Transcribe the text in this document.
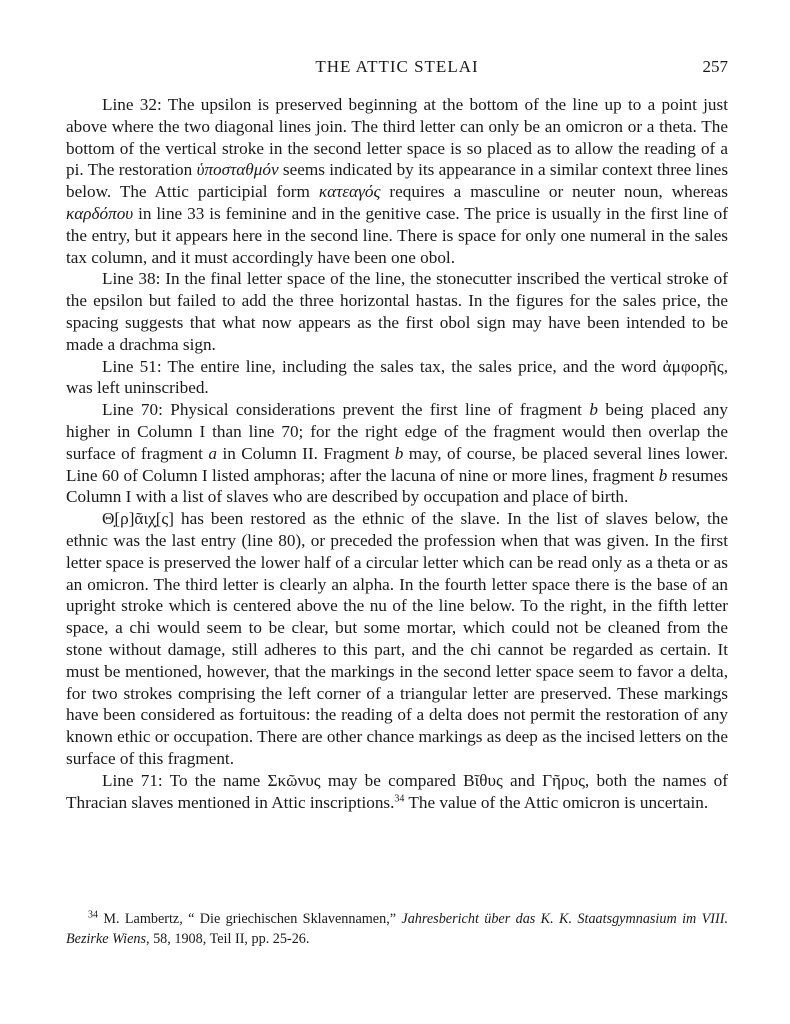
THE ATTIC STELAI	257

Line 32: The upsilon is preserved beginning at the bottom of the line up to a point just above where the two diagonal lines join. The third letter can only be an omicron or a theta. The bottom of the vertical stroke in the second letter space is so placed as to allow the reading of a pi. The restoration ὑποσταθμόν seems indicated by its appearance in a similar context three lines below. The Attic participial form κατεαγός requires a masculine or neuter noun, whereas καρδόπου in line 33 is feminine and in the genitive case. The price is usually in the first line of the entry, but it appears here in the second line. There is space for only one numeral in the sales tax column, and it must accordingly have been one obol.

Line 38: In the final letter space of the line, the stonecutter inscribed the vertical stroke of the epsilon but failed to add the three horizontal hastas. In the figures for the sales price, the spacing suggests that what now appears as the first obol sign may have been intended to be made a drachma sign.

Line 51: The entire line, including the sales tax, the sales price, and the word ἀμφορῆς, was left uninscribed.

Line 70: Physical considerations prevent the first line of fragment b being placed any higher in Column I than line 70; for the right edge of the fragment would then overlap the surface of fragment a in Column II. Fragment b may, of course, be placed several lines lower. Line 60 of Column I listed amphoras; after the lacuna of nine or more lines, fragment b resumes Column I with a list of slaves who are described by occupation and place of birth.

Θ̣[ρ]ᾶιχ̣[ς] has been restored as the ethnic of the slave. In the list of slaves below, the ethnic was the last entry (line 80), or preceded the profession when that was given. In the first letter space is preserved the lower half of a circular letter which can be read only as a theta or as an omicron. The third letter is clearly an alpha. In the fourth letter space there is the base of an upright stroke which is centered above the nu of the line below. To the right, in the fifth letter space, a chi would seem to be clear, but some mortar, which could not be cleaned from the stone without damage, still adheres to this part, and the chi cannot be regarded as certain. It must be mentioned, however, that the markings in the second letter space seem to favor a delta, for two strokes comprising the left corner of a triangular letter are preserved. These markings have been considered as fortuitous: the reading of a delta does not permit the restoration of any known ethic or occupation. There are other chance markings as deep as the incised letters on the surface of this fragment.

Line 71: To the name Σκῶνυς may be compared Βῖθυς and Γῆρυς, both the names of Thracian slaves mentioned in Attic inscriptions.$^{34}$ The value of the Attic omicron is uncertain.

$^{34}$ M. Lambertz, “ Die griechischen Sklavennamen,” Jahresbericht über das K. K. Staatsgymnasium im VIII. Bezirke Wiens, 58, 1908, Teil II, pp. 25-26.
